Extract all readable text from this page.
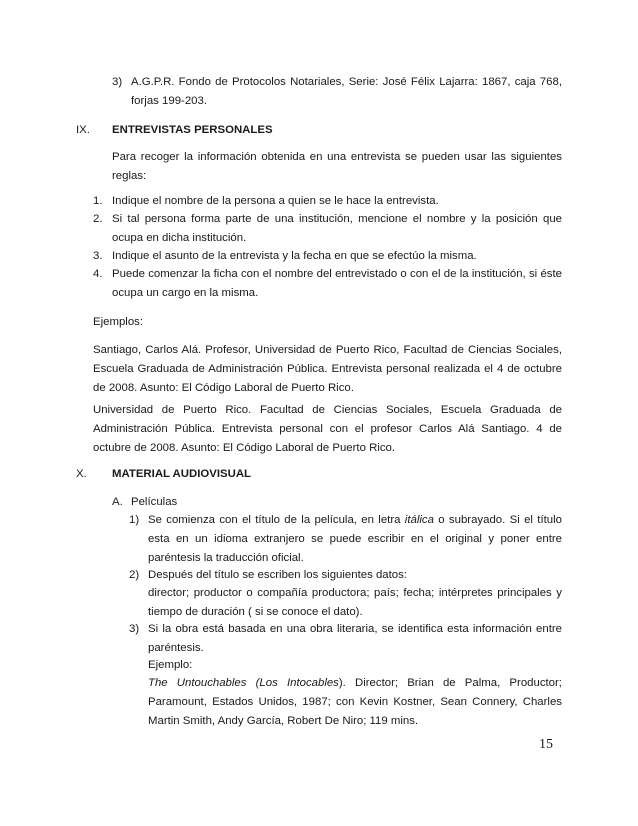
3) A.G.P.R. Fondo de Protocolos Notariales, Serie: José Félix Lajarra: 1867, caja 768, forjas 199-203.
IX. ENTREVISTAS PERSONALES
Para recoger la información obtenida en una entrevista se pueden usar las siguientes reglas:
1. Indique el nombre de la persona a quien se le hace la entrevista.
2. Si tal persona forma parte de una institución, mencione el nombre y la posición que ocupa en dicha institución.
3. Indique el asunto de la entrevista y la fecha en que se efectúo la misma.
4. Puede comenzar la ficha con el nombre del entrevistado o con el de la institución, si éste ocupa un cargo en la misma.
Ejemplos:
Santiago, Carlos Alá. Profesor, Universidad de Puerto Rico, Facultad de Ciencias Sociales, Escuela Graduada de Administración Pública. Entrevista personal realizada el 4 de octubre de 2008. Asunto: El Código Laboral de Puerto Rico.
Universidad de Puerto Rico. Facultad de Ciencias Sociales, Escuela Graduada de Administración Pública. Entrevista personal con el profesor Carlos Alá Santiago. 4 de octubre de 2008. Asunto: El Código Laboral de Puerto Rico.
X. MATERIAL AUDIOVISUAL
A. Películas
1) Se comienza con el título de la película, en letra itálica o subrayado. Si el título esta en un idioma extranjero se puede escribir en el original y poner entre paréntesis la traducción oficial.
2) Después del título se escriben los siguientes datos:
director; productor o compañía productora; país; fecha; intérpretes principales y tiempo de duración ( si se conoce el dato).
3) Si la obra está basada en una obra literaria, se identifica esta información entre paréntesis.
Ejemplo:
The Untouchables (Los Intocables). Director; Brian de Palma, Productor; Paramount, Estados Unidos, 1987; con Kevin Kostner, Sean Connery, Charles Martin Smith, Andy García, Robert De Niro; 119 mins.
15
